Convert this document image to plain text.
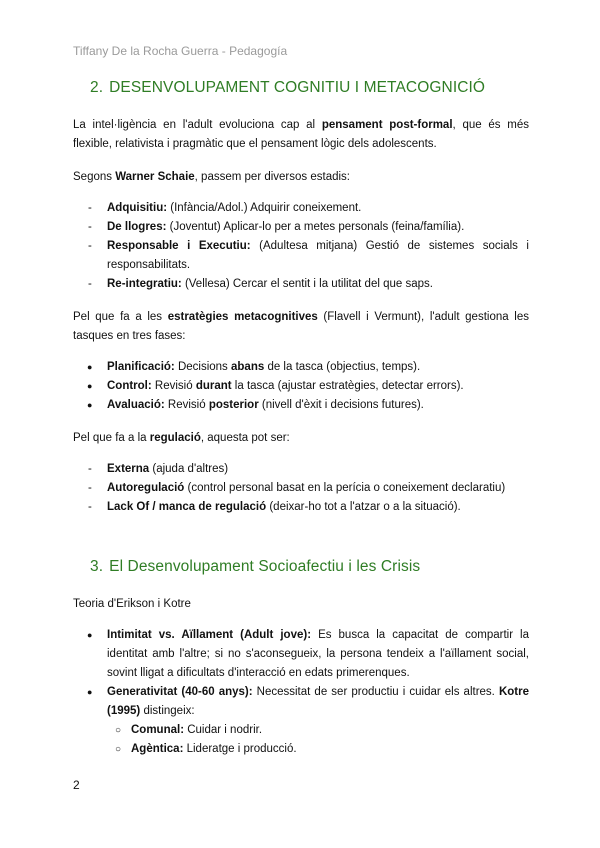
Tiffany De la Rocha Guerra - Pedagogía
2. DESENVOLUPAMENT COGNITIU I METACOGNICIÓ

La intel·ligència en l'adult evoluciona cap al pensament post-formal, que és més flexible, relativista i pragmàtic que el pensament lògic dels adolescents.

Segons Warner Schaie, passem per diversos estadis:

- Adquisitiu: (Infància/Adol.) Adquirir coneixement.
- De llogres: (Joventut) Aplicar-lo per a metes personals (feina/família).
- Responsable i Executiu: (Adultesa mitjana) Gestió de sistemes socials i responsabilitats.
- Re-integratiu: (Vellesa) Cercar el sentit i la utilitat del que saps.

Pel que fa a les estratègies metacognitives (Flavell i Vermunt), l'adult gestiona les tasques en tres fases:

● Planificació: Decisions abans de la tasca (objectius, temps).
● Control: Revisió durant la tasca (ajustar estratègies, detectar errors).
● Avaluació: Revisió posterior (nivell d'èxit i decisions futures).

Pel que fa a la regulació, aquesta pot ser:

- Externa (ajuda d'altres)
- Autoregulació (control personal basat en la perícia o coneixement declaratiu)
- Lack Of / manca de regulació (deixar-ho tot a l'atzar o a la situació).
3. El Desenvolupament Socioafectiu i les Crisis

Teoria d'Erikson i Kotre

● Intimitat vs. Aïllament (Adult jove): Es busca la capacitat de compartir la identitat amb l'altre; si no s'aconsegueix, la persona tendeix a l'aïllament social, sovint lligat a dificultats d'interacció en edats primerenques.
● Generativitat (40-60 anys): Necessitat de ser productiu i cuidar els altres. Kotre (1995) distingeix:
○ Comunal: Cuidar i nodrir.
○ Agèntica: Lideratge i producció.
2
